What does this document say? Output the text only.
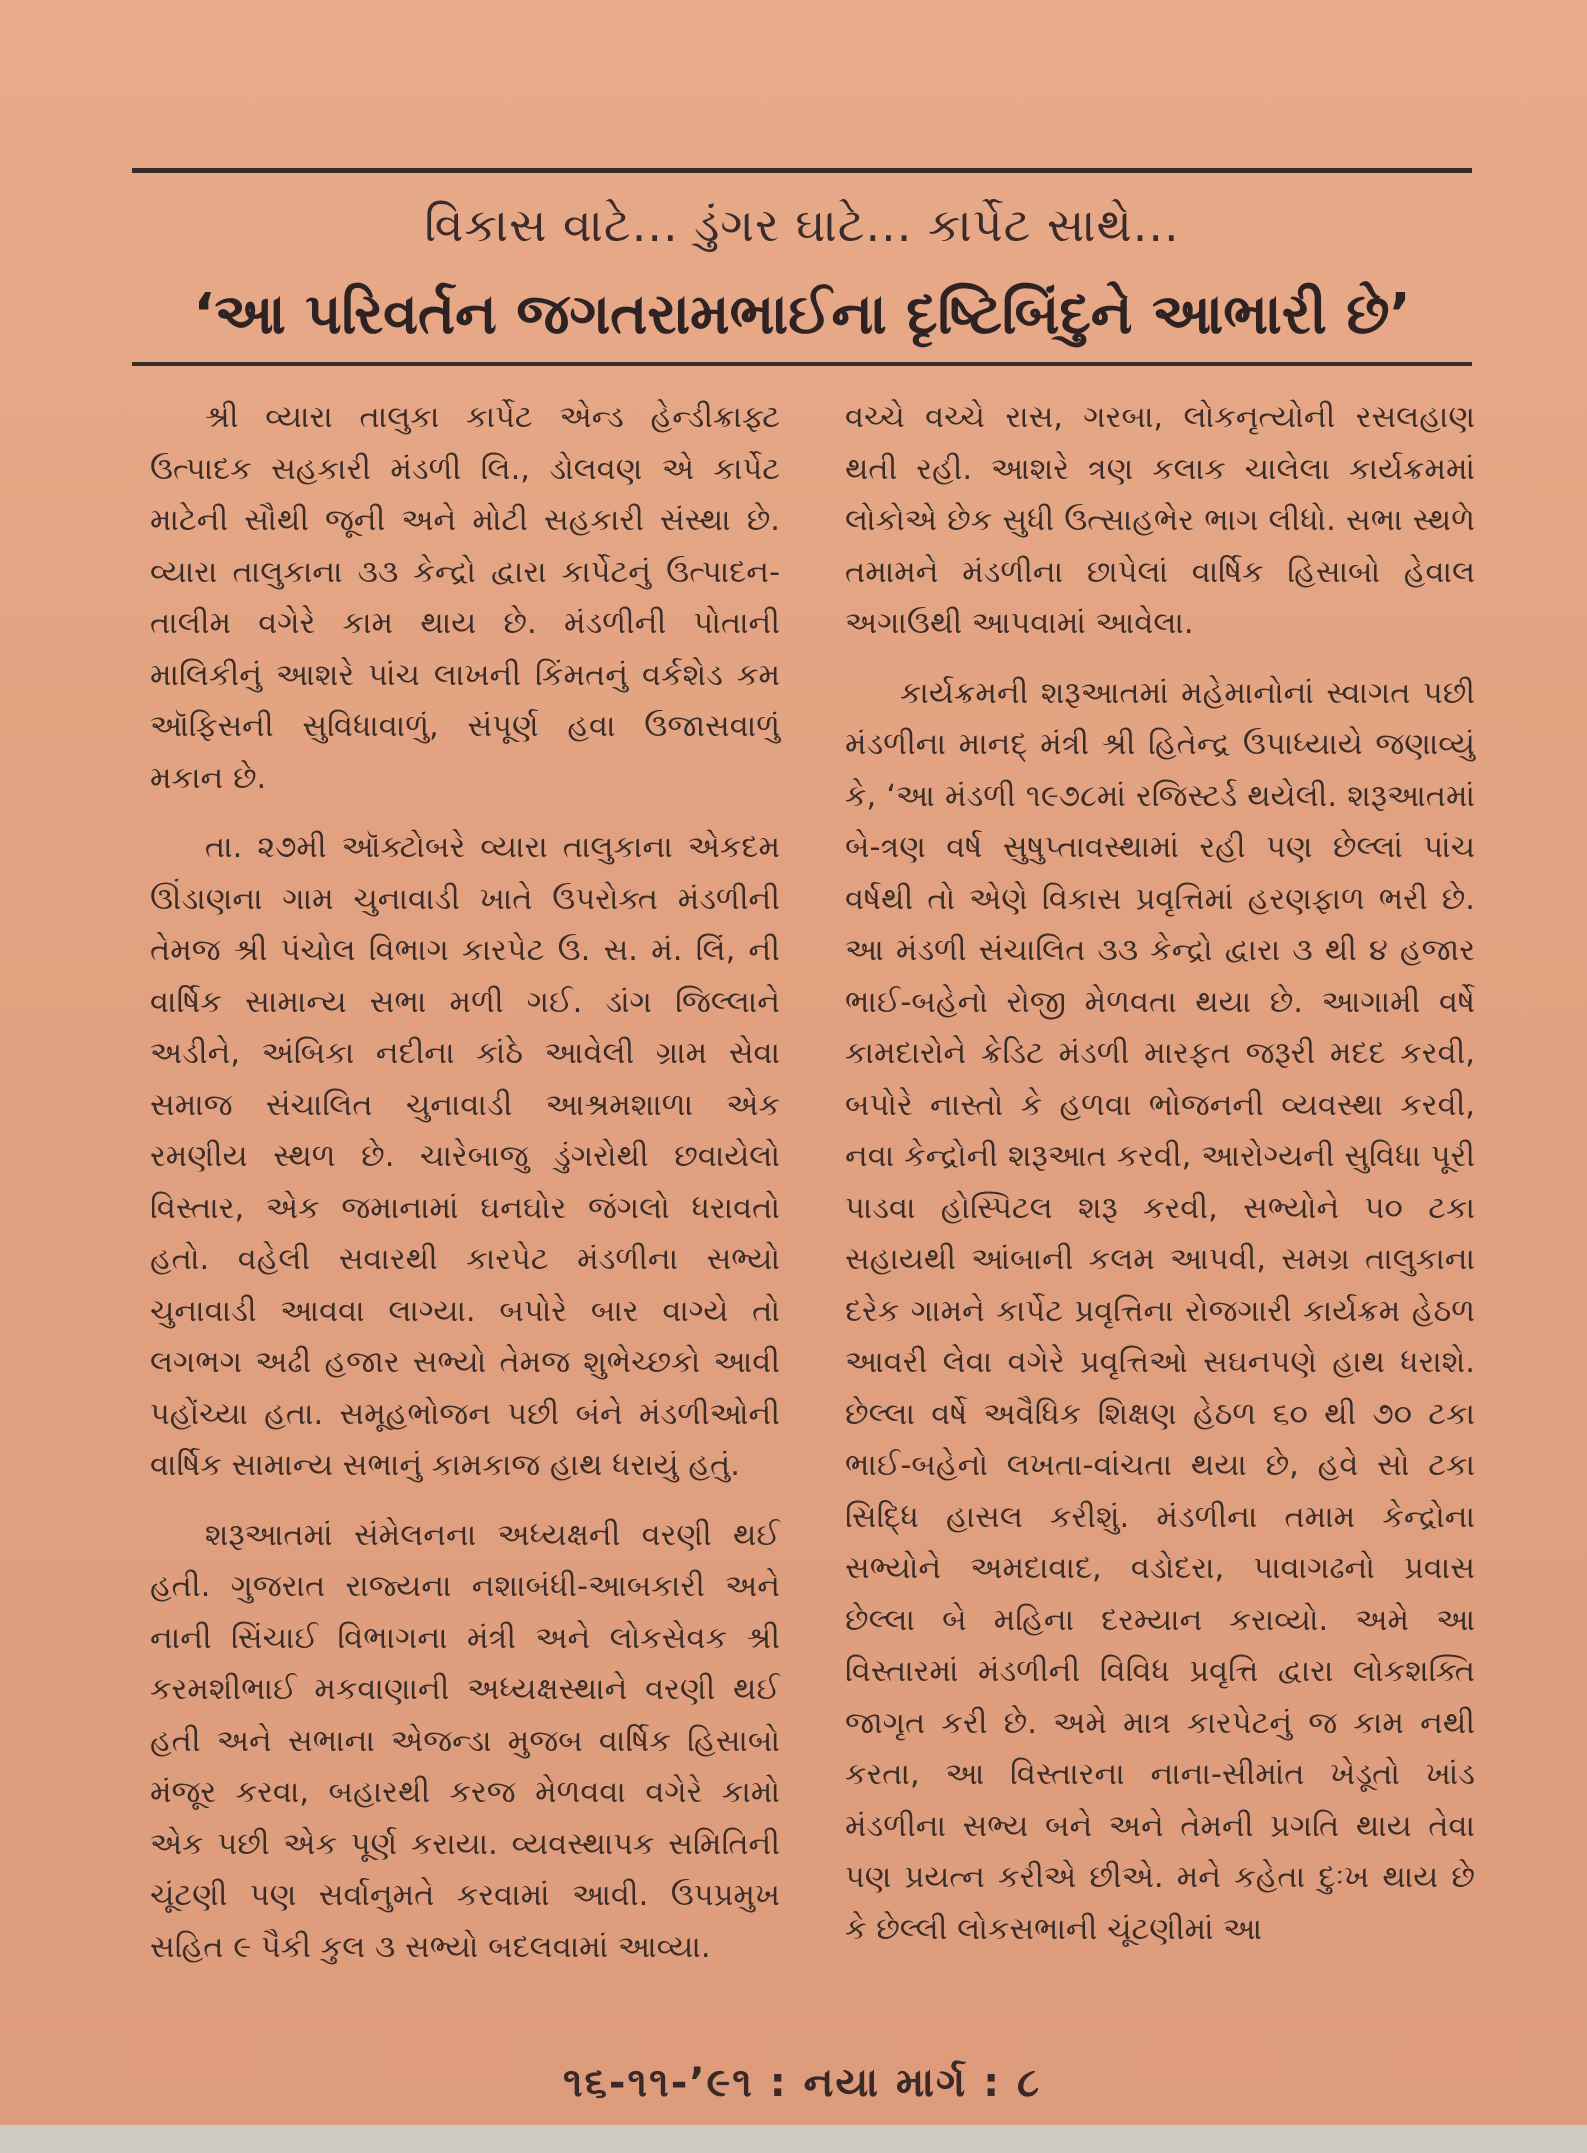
વિકાસ વાટે... ડુંગર ઘાટે... કાર્પેટ સાથે...
‘આ પરિવર્તન જગતરામભાઈના દૃષ્ટિબિંદુને આભારી છે’

શ્રી વ્યારા તાલુકા કાર્પેટ એન્ડ હેન્ડીક્રાફ્ટ ઉત્પાદક સહકારી મંડળી લિ., ડોલવણ એ કાર્પેટ માટેની સૌથી જૂની અને મોટી સહકારી સંસ્થા છે. વ્યારા તાલુકાના ૩૩ કેન્દ્રો દ્વારા કાર્પેટનું ઉત્પાદન-તાલીમ વગેરે કામ થાય છે. મંડળીની પોતાની માલિકીનું આશરે પાંચ લાખની કિંમતનું વર્કશેડ કમ ઑફિસની સુવિધાવાળું, સંપૂર્ણ હવા ઉજાસવાળું મકાન છે.

તા. ૨૭મી ઑક્ટોબરે વ્યારા તાલુકાના એકદમ ઊંડાણના ગામ ચુનાવાડી ખાતે ઉપરોક્ત મંડળીની તેમજ શ્રી પંચોલ વિભાગ કારપેટ ઉ. સ. મં. લિં, ની વાર્ષિક સામાન્ય સભા મળી ગઈ. ડાંગ જિલ્લાને અડીને, અંબિકા નદીના કાંઠે આવેલી ગ્રામ સેવા સમાજ સંચાલિત ચુનાવાડી આશ્રમશાળા એક રમણીય સ્થળ છે. ચારેબાજુ ડુંગરોથી છવાયેલો વિસ્તાર, એક જમાનામાં ઘનઘોર જંગલો ધરાવતો હતો. વહેલી સવારથી કારપેટ મંડળીના સભ્યો ચુનાવાડી આવવા લાગ્યા. બપોરે બાર વાગ્યે તો લગભગ અઢી હજાર સભ્યો તેમજ શુભેચ્છકો આવી પહોંચ્યા હતા. સમૂહભોજન પછી બંને મંડળીઓની વાર્ષિક સામાન્ય સભાનું કામકાજ હાથ ધરાયું હતું.

શરૂઆતમાં સંમેલનના અધ્યક્ષની વરણી થઈ હતી. ગુજરાત રાજ્યના નશાબંધી-આબકારી અને નાની સિંચાઈ વિભાગના મંત્રી અને લોકસેવક શ્રી કરમશીભાઈ મકવાણાની અધ્યક્ષસ્થાને વરણી થઈ હતી અને સભાના એજન્ડા મુજબ વાર્ષિક હિસાબો મંજૂર કરવા, બહારથી કરજ મેળવવા વગેરે કામો એક પછી એક પૂર્ણ કરાયા. વ્યવસ્થાપક સમિતિની ચૂંટણી પણ સર્વાનુમતે કરવામાં આવી. ઉપપ્રમુખ સહિત ૯ પૈકી કુલ ૩ સભ્યો બદલવામાં આવ્યા.

વચ્ચે વચ્ચે રાસ, ગરબા, લોકનૃત્યોની રસલહાણ થતી રહી. આશરે ત્રણ કલાક ચાલેલા કાર્યક્રમમાં લોકોએ છેક સુધી ઉત્સાહભેર ભાગ લીધો. સભા સ્થળે તમામને મંડળીના છાપેલાં વાર્ષિક હિસાબો હેવાલ અગાઉથી આપવામાં આવેલા.

કાર્યક્રમની શરૂઆતમાં મહેમાનોનાં સ્વાગત પછી મંડળીના માનદ્ મંત્રી શ્રી હિતેન્દ્ર ઉપાધ્યાયે જણાવ્યું કે, ‘આ મંડળી ૧૯૭૮માં રજિસ્ટર્ડ થયેલી. શરૂઆતમાં બે-ત્રણ વર્ષ સુષુપ્તાવસ્થામાં રહી પણ છેલ્લાં પાંચ વર્ષથી તો એણે વિકાસ પ્રવૃત્તિમાં હરણફાળ ભરી છે. આ મંડળી સંચાલિત ૩૩ કેન્દ્રો દ્વારા ૩ થી ૪ હજાર ભાઈ-બહેનો રોજી મેળવતા થયા છે. આગામી વર્ષે કામદારોને ક્રેડિટ મંડળી મારફત જરૂરી મદદ કરવી, બપોરે નાસ્તો કે હળવા ભોજનની વ્યવસ્થા કરવી, નવા કેન્દ્રોની શરૂઆત કરવી, આરોગ્યની સુવિધા પૂરી પાડવા હોસ્પિટલ શરૂ કરવી, સભ્યોને ૫૦ ટકા સહાયથી આંબાની કલમ આપવી, સમગ્ર તાલુકાના દરેક ગામને કાર્પેટ પ્રવૃત્તિના રોજગારી કાર્યક્રમ હેઠળ આવરી લેવા વગેરે પ્રવૃત્તિઓ સઘનપણે હાથ ધરાશે. છેલ્લા વર્ષે અવૈધિક શિક્ષણ હેઠળ ૬૦ થી ૭૦ ટકા ભાઈ-બહેનો લખતા-વાંચતા થયા છે, હવે સો ટકા સિદ્ધિ હાસલ કરીશું. મંડળીના તમામ કેન્દ્રોના સભ્યોને અમદાવાદ, વડોદરા, પાવાગઢનો પ્રવાસ છેલ્લા બે મહિના દરમ્યાન કરાવ્યો. અમે આ વિસ્તારમાં મંડળીની વિવિધ પ્રવૃત્તિ દ્વારા લોકશક્તિ જાગૃત કરી છે. અમે માત્ર કારપેટનું જ કામ નથી કરતા, આ વિસ્તારના નાના-સીમાંત ખેડૂતો ખાંડ મંડળીના સભ્ય બને અને તેમની પ્રગતિ થાય તેવા પણ પ્રયત્ન કરીએ છીએ. મને કહેતા દુઃખ થાય છે કે છેલ્લી લોકસભાની ચૂંટણીમાં આ

૧૬-૧૧-’૯૧ : નયા માર્ગ : ૮
